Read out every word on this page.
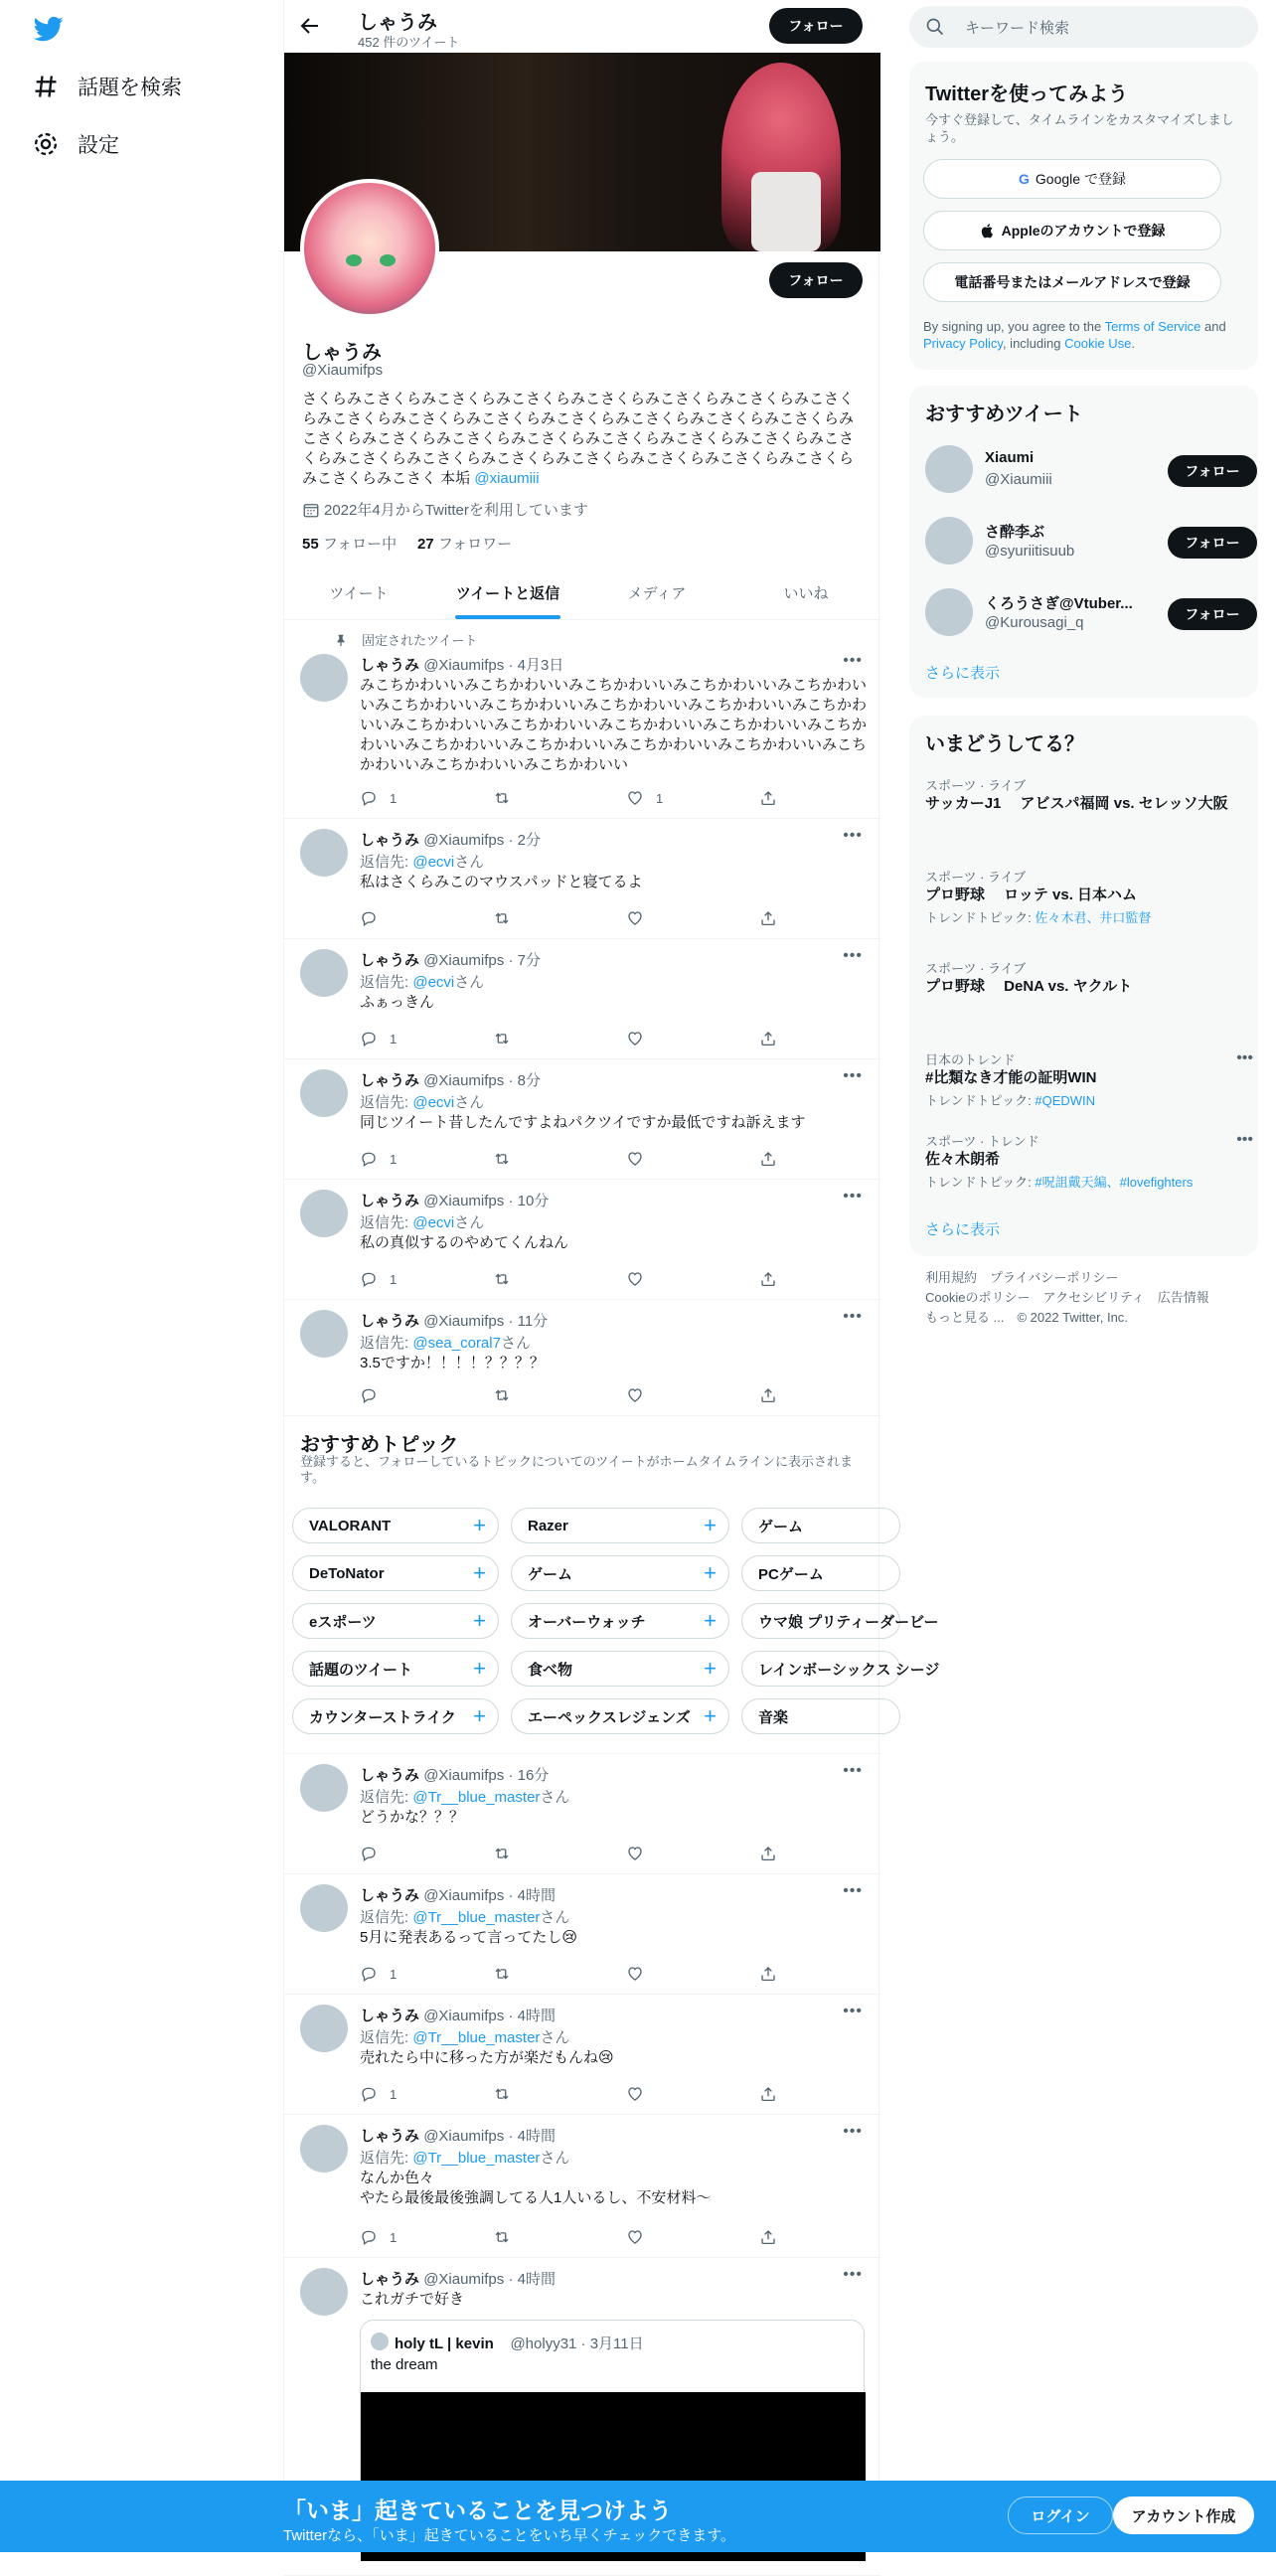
話題を検索
設定
しゃうみ
452 件のツイート
フォロー
フォロー
しゃうみ
@Xiaumifps
さくらみこさくらみこさくらみこさくらみこさくらみこさくらみこさくらみこさくらみこさくらみこさくらみこさくらみこさくらみこさくらみこさくらみこさくらみこさくらみこさくらみこさくらみこさくらみこさくらみこさくらみこさくらみこさくらみこさくらみこさくらみこさくらみこさくらみこさくらみこさくらみこさくらみこさくらみこさく 本垢 @xiaumiii
2022年4月からTwitterを利用しています
55 フォロー中 27 フォロワー
ツイート	ツイートと返信	メディア	いいね
固定されたツイート
しゃうみ @Xiaumifps · 4月3日	•••
みこちかわいいみこちかわいいみこちかわいいみこちかわいいみこちかわいいみこちかわいいみこちかわいいみこちかわいいみこちかわいいみこちかわいいみこちかわいいみこちかわいいみこちかわいいみこちかわいいみこちかわいいみこちかわいいみこちかわいいみこちかわいいみこちかわいいみこちかわいいみこちかわいいみこちかわいい
1	1
しゃうみ @Xiaumifps · 2分	•••
返信先: @ecviさん
私はさくらみこのマウスパッドと寝てるよ
しゃうみ @Xiaumifps · 7分	•••
返信先: @ecviさん
ふぁっきん
1
しゃうみ @Xiaumifps · 8分	•••
返信先: @ecviさん
同じツイート昔したんですよねパクツイですか最低ですね訴えます
1
しゃうみ @Xiaumifps · 10分	•••
返信先: @ecviさん
私の真似するのやめてくんねん
1
しゃうみ @Xiaumifps · 11分	•••
返信先: @sea_coral7さん
3.5ですか！！！！？？？？
しゃうみ @Xiaumifps · 16分	•••
返信先: @Tr__blue_masterさん
どうかな？？？
しゃうみ @Xiaumifps · 4時間	•••
返信先: @Tr__blue_masterさん
5月に発表あるって言ってたし😢
1
しゃうみ @Xiaumifps · 4時間	•••
返信先: @Tr__blue_masterさん
売れたら中に移った方が楽だもんね😢
1
しゃうみ @Xiaumifps · 4時間	•••
返信先: @Tr__blue_masterさん
なんか色々
やたら最後最後強調してる人1人いるし、不安材料〜
1
しゃうみ @Xiaumifps · 4時間	•••
これガチで好き
holy tL | kevin @holyy31 · 3月11日
the dream
おすすめトピック
登録すると、フォローしているトピックについてのツイートがホームタイムラインに表示されます。
VALORANT	+	Razer	+	ゲーム
DeToNator	+	ゲーム	+	PCゲーム
eスポーツ	+	オーバーウォッチ	+	ウマ娘 プリティーダービー
話題のツイート	+	食べ物	+	レインボーシックス シージ
カウンターストライク +	エーペックスレジェンズ +	音楽
キーワード検索
Twitterを使ってみよう
今すぐ登録して、タイムラインをカスタマイズしましょう。
G Google で登録
Appleのアカウントで登録
電話番号またはメールアドレスで登録
By signing up, you agree to the Terms of Service and Privacy Policy, including Cookie Use.
おすすめツイート
Xiaumi
@Xiaumiii	フォロー
さ酔李ぶ
@syuriitisuub	フォロー
くろうさぎ@Vtuber...
@Kurousagi_q	フォロー
さらに表示
いまどうしてる？
スポーツ · ライブ
サッカーJ1　 アビスパ福岡 vs. セレッソ大阪
スポーツ · ライブ
プロ野球　 ロッテ vs. 日本ハム
トレンドトピック: 佐々木君、井口監督
スポーツ · ライブ
プロ野球　 DeNA vs. ヤクルト
日本のトレンド
#比類なき才能の証明WIN
トレンドトピック: #QEDWIN
•••
スポーツ · トレンド
佐々木朗希
トレンドトピック: #呪詛戴天編、#lovefighters
•••
さらに表示
利用規約　プライバシーポリシー
Cookieのポリシー　アクセシビリティ　広告情報
もっと見る ...　© 2022 Twitter, Inc.
「いま」起きていることを見つけよう
Twitterなら、「いま」起きていることをいち早くチェックできます。
ログイン	アカウント作成
